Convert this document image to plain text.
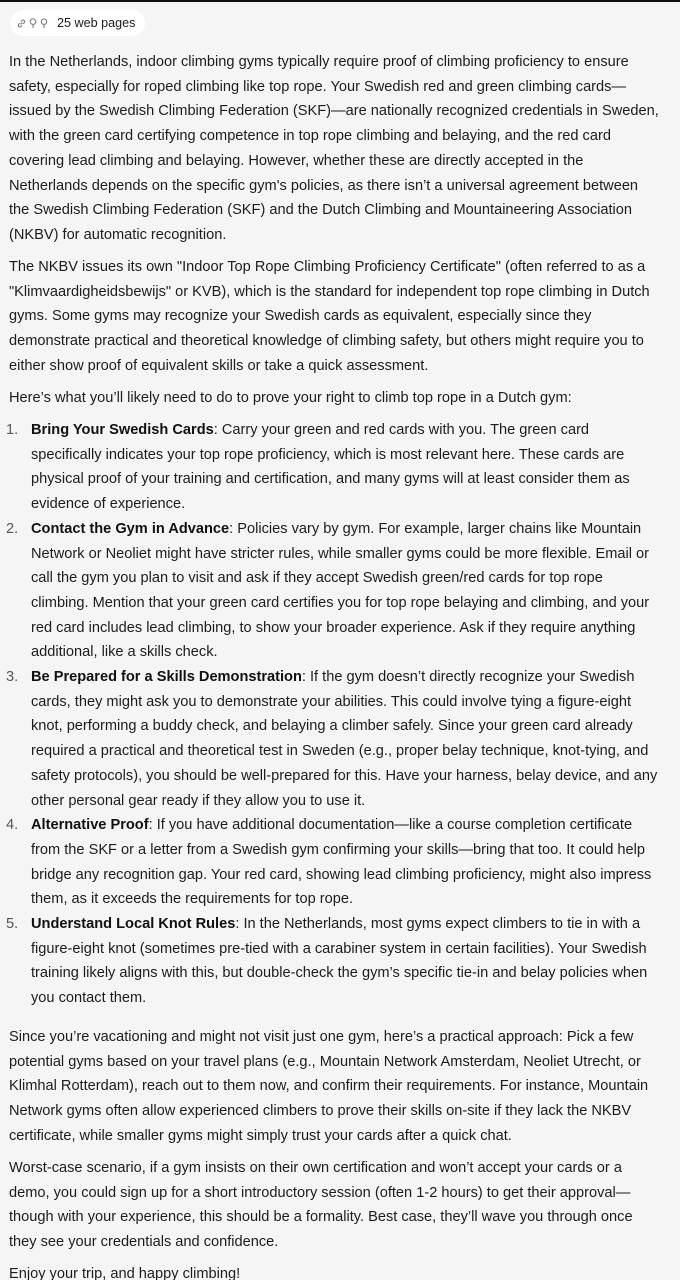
25 web pages

In the Netherlands, indoor climbing gyms typically require proof of climbing proficiency to ensure safety, especially for roped climbing like top rope. Your Swedish red and green climbing cards—issued by the Swedish Climbing Federation (SKF)—are nationally recognized credentials in Sweden, with the green card certifying competence in top rope climbing and belaying, and the red card covering lead climbing and belaying. However, whether these are directly accepted in the Netherlands depends on the specific gym's policies, as there isn’t a universal agreement between the Swedish Climbing Federation (SKF) and the Dutch Climbing and Mountaineering Association (NKBV) for automatic recognition.

The NKBV issues its own "Indoor Top Rope Climbing Proficiency Certificate" (often referred to as a "Klimvaardigheidsbewijs" or KVB), which is the standard for independent top rope climbing in Dutch gyms. Some gyms may recognize your Swedish cards as equivalent, especially since they demonstrate practical and theoretical knowledge of climbing safety, but others might require you to either show proof of equivalent skills or take a quick assessment.

Here’s what you’ll likely need to do to prove your right to climb top rope in a Dutch gym:

1. Bring Your Swedish Cards: Carry your green and red cards with you. The green card specifically indicates your top rope proficiency, which is most relevant here. These cards are physical proof of your training and certification, and many gyms will at least consider them as evidence of experience.
2. Contact the Gym in Advance: Policies vary by gym. For example, larger chains like Mountain Network or Neoliet might have stricter rules, while smaller gyms could be more flexible. Email or call the gym you plan to visit and ask if they accept Swedish green/red cards for top rope climbing. Mention that your green card certifies you for top rope belaying and climbing, and your red card includes lead climbing, to show your broader experience. Ask if they require anything additional, like a skills check.
3. Be Prepared for a Skills Demonstration: If the gym doesn’t directly recognize your Swedish cards, they might ask you to demonstrate your abilities. This could involve tying a figure-eight knot, performing a buddy check, and belaying a climber safely. Since your green card already required a practical and theoretical test in Sweden (e.g., proper belay technique, knot-tying, and safety protocols), you should be well-prepared for this. Have your harness, belay device, and any other personal gear ready if they allow you to use it.
4. Alternative Proof: If you have additional documentation—like a course completion certificate from the SKF or a letter from a Swedish gym confirming your skills—bring that too. It could help bridge any recognition gap. Your red card, showing lead climbing proficiency, might also impress them, as it exceeds the requirements for top rope.
5. Understand Local Knot Rules: In the Netherlands, most gyms expect climbers to tie in with a figure-eight knot (sometimes pre-tied with a carabiner system in certain facilities). Your Swedish training likely aligns with this, but double-check the gym’s specific tie-in and belay policies when you contact them.

Since you’re vacationing and might not visit just one gym, here’s a practical approach: Pick a few potential gyms based on your travel plans (e.g., Mountain Network Amsterdam, Neoliet Utrecht, or Klimhal Rotterdam), reach out to them now, and confirm their requirements. For instance, Mountain Network gyms often allow experienced climbers to prove their skills on-site if they lack the NKBV certificate, while smaller gyms might simply trust your cards after a quick chat.

Worst-case scenario, if a gym insists on their own certification and won’t accept your cards or a demo, you could sign up for a short introductory session (often 1-2 hours) to get their approval—though with your experience, this should be a formality. Best case, they’ll wave you through once they see your credentials and confidence.

Enjoy your trip, and happy climbing!
